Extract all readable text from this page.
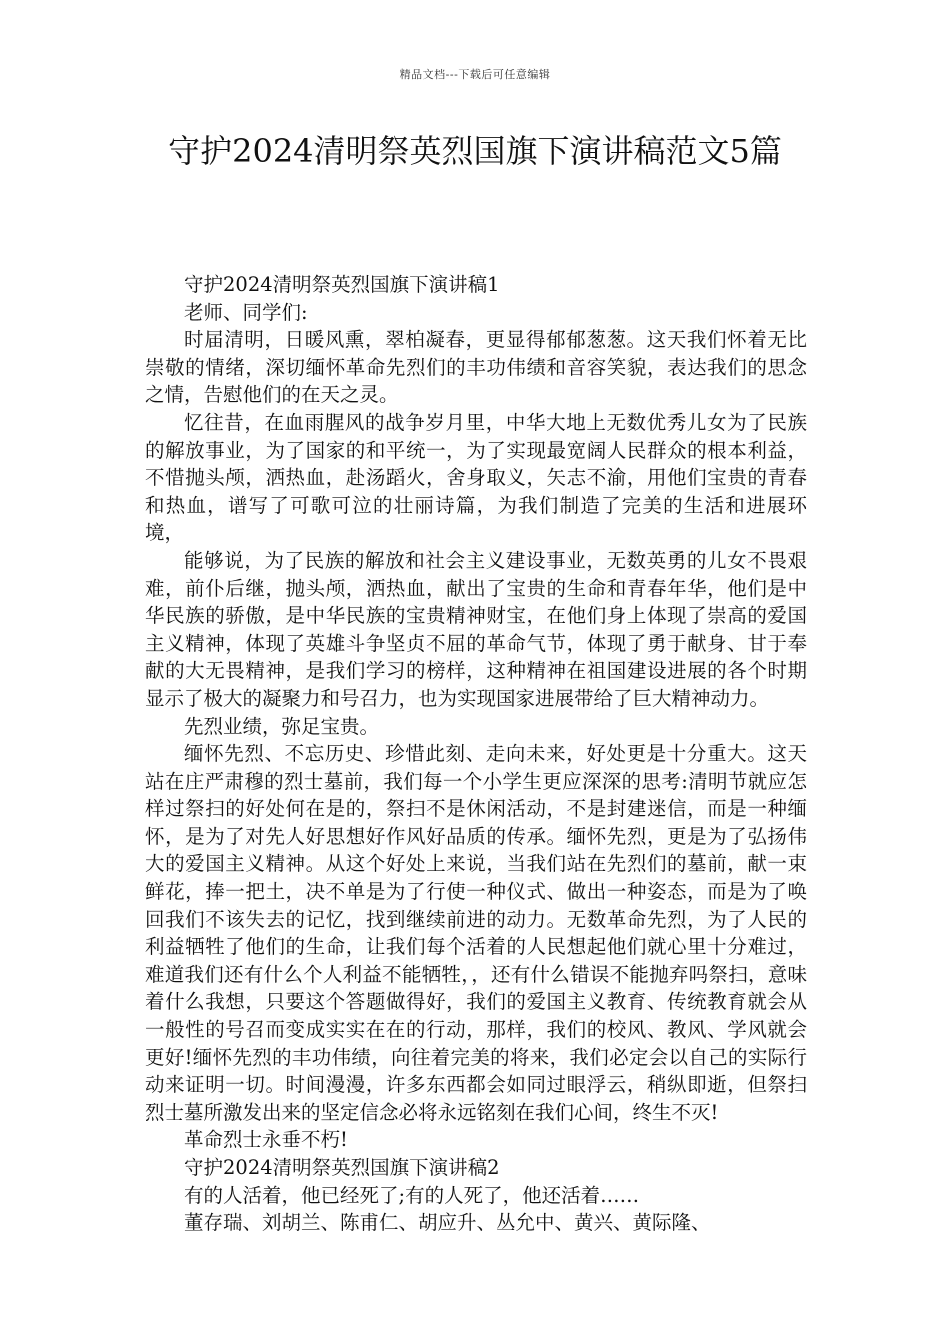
精品文档---下载后可任意编辑
守护2024清明祭英烈国旗下演讲稿范文5篇

守护2024清明祭英烈国旗下演讲稿1

老师、同学们:

时届清明，日暖风熏，翠柏凝春，更显得郁郁葱葱。这天我们怀着无比崇敬的情绪，深切缅怀革命先烈们的丰功伟绩和音容笑貌，表达我们的思念之情，告慰他们的在天之灵。

忆往昔，在血雨腥风的战争岁月里，中华大地上无数优秀儿女为了民族的解放事业，为了国家的和平统一，为了实现最宽阔人民群众的根本利益，不惜抛头颅，洒热血，赴汤蹈火，舍身取义，矢志不渝，用他们宝贵的青春和热血，谱写了可歌可泣的壮丽诗篇，为我们制造了完美的生活和进展环境，

能够说，为了民族的解放和社会主义建设事业，无数英勇的儿女不畏艰难，前仆后继，抛头颅，洒热血，献出了宝贵的生命和青春年华，他们是中华民族的骄傲，是中华民族的宝贵精神财宝，在他们身上体现了崇高的爱国主义精神，体现了英雄斗争坚贞不屈的革命气节，体现了勇于献身、甘于奉献的大无畏精神，是我们学习的榜样，这种精神在祖国建设进展的各个时期显示了极大的凝聚力和号召力，也为实现国家进展带给了巨大精神动力。

先烈业绩，弥足宝贵。

缅怀先烈、不忘历史、珍惜此刻、走向未来，好处更是十分重大。这天站在庄严肃穆的烈士墓前，我们每一个小学生更应深深的思考:清明节就应怎样过祭扫的好处何在是的，祭扫不是休闲活动，不是封建迷信，而是一种缅怀，是为了对先人好思想好作风好品质的传承。缅怀先烈，更是为了弘扬伟大的爱国主义精神。从这个好处上来说，当我们站在先烈们的墓前，献一束鲜花，捧一把土，决不单是为了行使一种仪式、做出一种姿态，而是为了唤回我们不该失去的记忆，找到继续前进的动力。无数革命先烈，为了人民的利益牺牲了他们的生命，让我们每个活着的人民想起他们就心里十分难过，难道我们还有什么个人利益不能牺牲，，还有什么错误不能抛弃吗祭扫，意味着什么我想，只要这个答题做得好，我们的爱国主义教育、传统教育就会从一般性的号召而变成实实在在的行动，那样，我们的校风、教风、学风就会更好!缅怀先烈的丰功伟绩，向往着完美的将来，我们必定会以自己的实际行动来证明一切。时间漫漫，许多东西都会如同过眼浮云，稍纵即逝，但祭扫烈士墓所激发出来的坚定信念必将永远铭刻在我们心间，终生不灭!

革命烈士永垂不朽!

守护2024清明祭英烈国旗下演讲稿2

有的人活着，他已经死了;有的人死了，他还活着……

董存瑞、刘胡兰、陈甫仁、胡应升、丛允中、黄兴、黄际隆、
